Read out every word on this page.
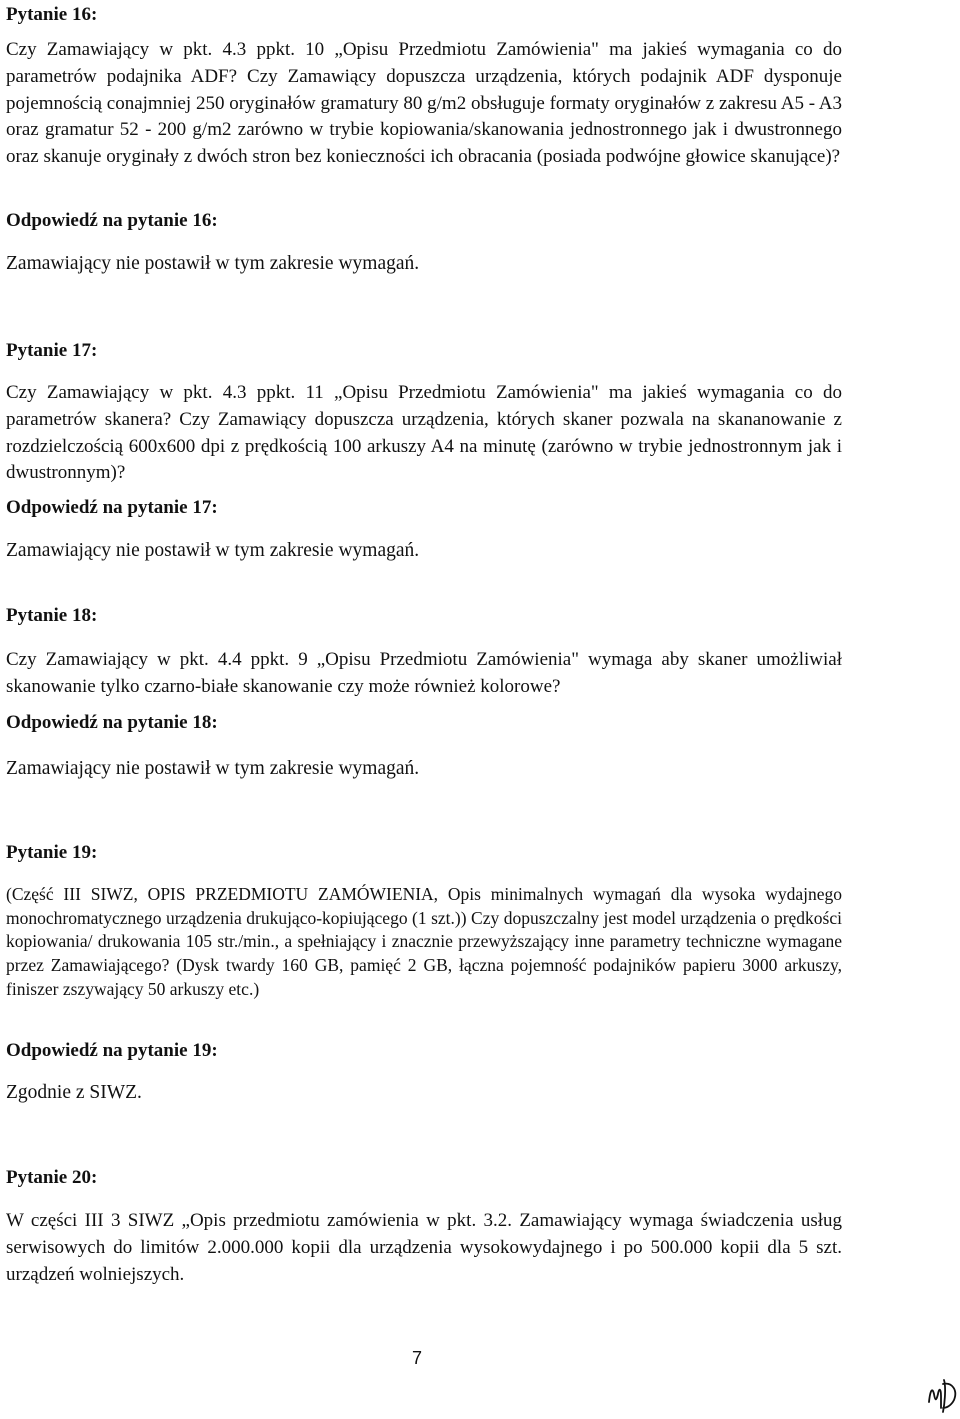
Pytanie 16:
Czy Zamawiający w pkt. 4.3 ppkt. 10 „Opisu Przedmiotu Zamówienia" ma jakieś wymagania co do parametrów podajnika ADF? Czy Zamawiący dopuszcza urządzenia, których podajnik ADF dysponuje pojemnością conajmniej 250 oryginałów gramatury 80 g/m2 obsługuje formaty oryginałów z zakresu A5 - A3 oraz gramatur 52 - 200 g/m2 zarówno w trybie kopiowania/skanowania jednostronnego jak i dwustronnego oraz skanuje oryginały z dwóch stron bez konieczności ich obracania (posiada podwójne głowice skanujące)?
Odpowiedź na pytanie 16:
Zamawiający nie postawił w tym zakresie wymagań.
Pytanie 17:
Czy Zamawiający w pkt. 4.3 ppkt. 11 „Opisu Przedmiotu Zamówienia" ma jakieś wymagania co do parametrów skanera? Czy Zamawiący dopuszcza urządzenia, których skaner pozwala na skananowanie z rozdzielczością 600x600 dpi z prędkością 100 arkuszy A4 na minutę (zarówno w trybie jednostronnym jak i dwustronnym)?
Odpowiedź na pytanie 17:
Zamawiający nie postawił w tym zakresie wymagań.
Pytanie 18:
Czy Zamawiający w pkt. 4.4 ppkt. 9 „Opisu Przedmiotu Zamówienia" wymaga aby skaner umożliwiał skanowanie tylko czarno-białe skanowanie czy może również kolorowe?
Odpowiedź na pytanie 18:
Zamawiający nie postawił w tym zakresie wymagań.
Pytanie 19:
(Część III SIWZ, OPIS PRZEDMIOTU ZAMÓWIENIA, Opis minimalnych wymagań dla wysoka wydajnego monochromatycznego urządzenia drukująco-kopiującego (1 szt.)) Czy dopuszczalny jest model urządzenia o prędkości kopiowania/ drukowania 105 str./min., a spełniający i znacznie przewyższający inne parametry techniczne wymagane przez Zamawiającego? (Dysk twardy 160 GB, pamięć 2 GB, łączna pojemność podajników papieru 3000 arkuszy, finiszer zszywający 50 arkuszy etc.)
Odpowiedź na pytanie 19:
Zgodnie z SIWZ.
Pytanie 20:
W części III 3 SIWZ „Opis przedmiotu zamówienia w pkt. 3.2. Zamawiający wymaga świadczenia usług serwisowych do limitów 2.000.000 kopii dla urządzenia wysokowydajnego i po 500.000 kopii dla 5 szt. urządzeń wolniejszych.
7
